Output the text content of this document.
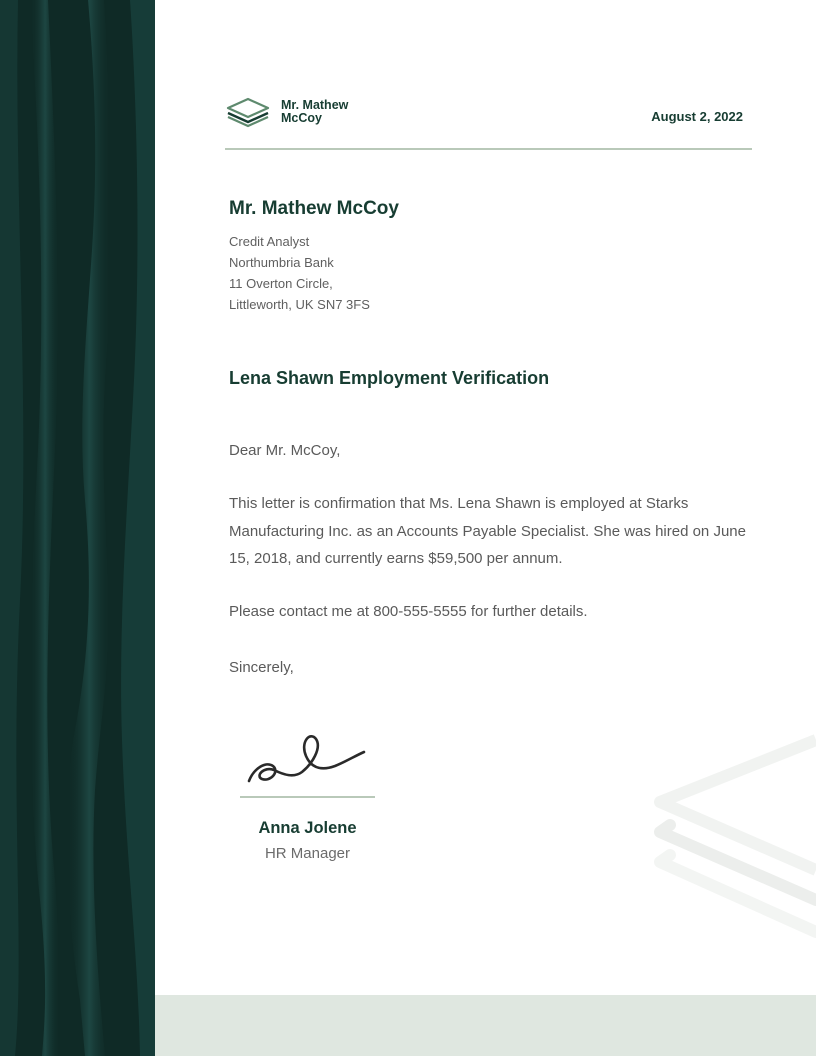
Mr. Mathew
McCoy	August 2, 2022
Mr. Mathew McCoy
Credit Analyst
Northumbria Bank
11 Overton Circle,
Littleworth, UK SN7 3FS
Lena Shawn Employment Verification
Dear Mr. McCoy,
This letter is confirmation that Ms. Lena Shawn is employed at Starks Manufacturing Inc. as an Accounts Payable Specialist. She was hired on June 15, 2018, and currently earns $59,500 per annum.
Please contact me at 800-555-5555 for further details.
Sincerely,
Anna Jolene
HR Manager
